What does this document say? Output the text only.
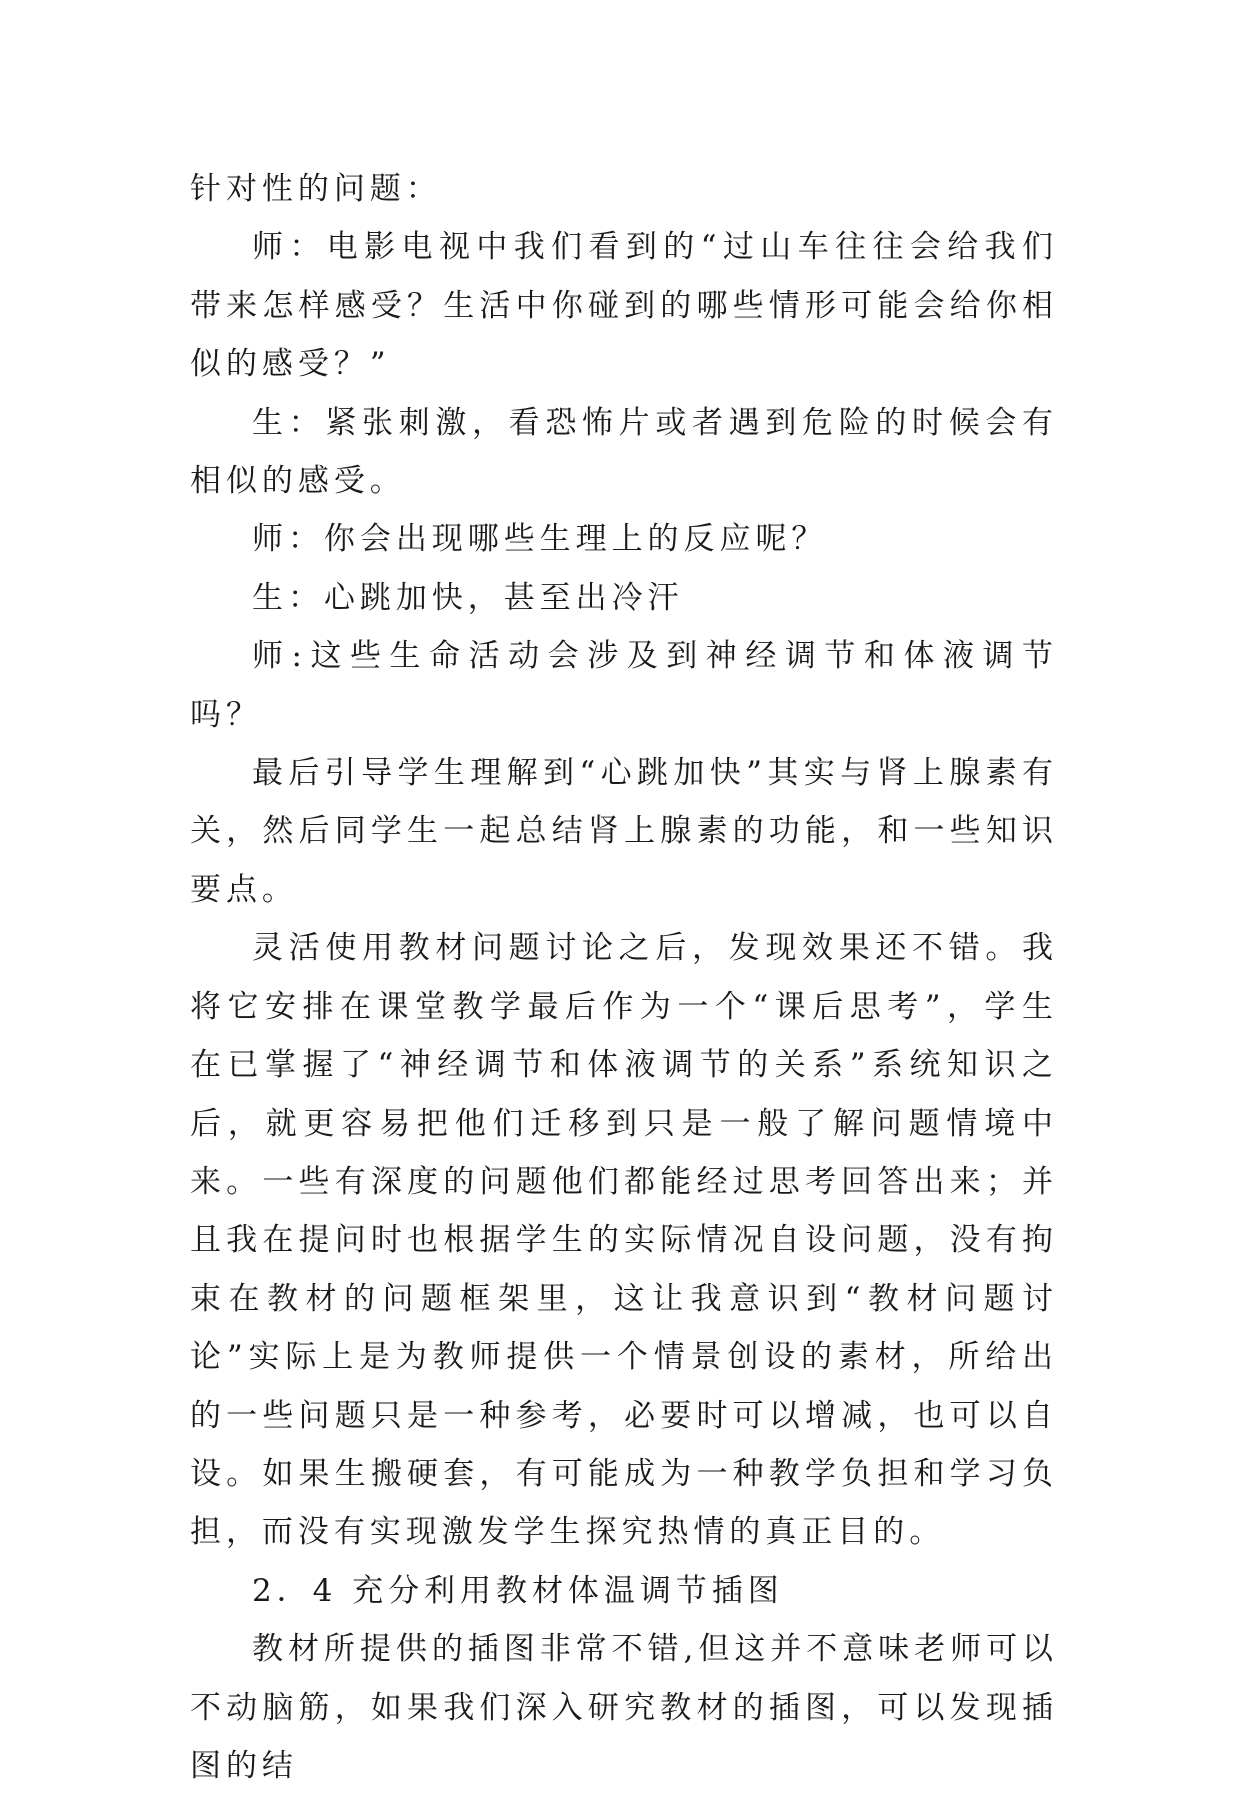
针对性的问题：

师：电影电视中我们看到的“过山车往往会给我们带来怎样感受？生活中你碰到的哪些情形可能会给你相似的感受？”

生：紧张刺激，看恐怖片或者遇到危险的时候会有相似的感受。

师：你会出现哪些生理上的反应呢？

生：心跳加快，甚至出冷汗

师:这些生命活动会涉及到神经调节和体液调节吗？

最后引导学生理解到“心跳加快”其实与肾上腺素有关，然后同学生一起总结肾上腺素的功能，和一些知识要点。

灵活使用教材问题讨论之后，发现效果还不错。我将它安排在课堂教学最后作为一个“课后思考”，学生在已掌握了“神经调节和体液调节的关系”系统知识之后，就更容易把他们迁移到只是一般了解问题情境中来。一些有深度的问题他们都能经过思考回答出来；并且我在提问时也根据学生的实际情况自设问题，没有拘束在教材的问题框架里，这让我意识到“教材问题讨论”实际上是为教师提供一个情景创设的素材，所给出的一些问题只是一种参考，必要时可以增减，也可以自设。如果生搬硬套，有可能成为一种教学负担和学习负担，而没有实现激发学生探究热情的真正目的。

2．4 充分利用教材体温调节插图

教材所提供的插图非常不错,但这并不意味老师可以不动脑筋，如果我们深入研究教材的插图，可以发现插图的结
